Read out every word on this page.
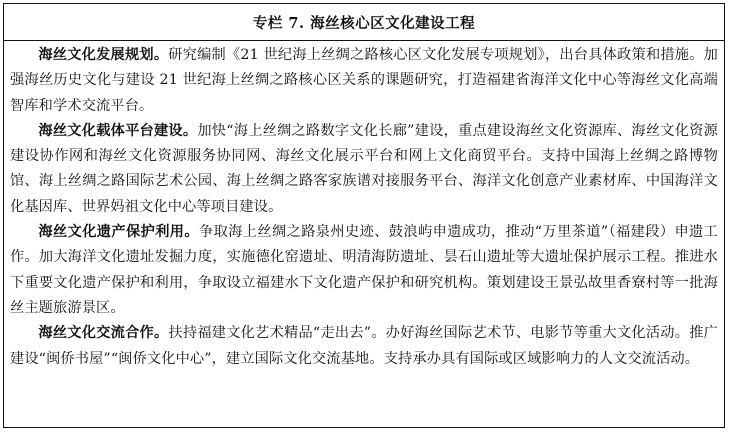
专栏 7. 海丝核心区文化建设工程

海丝文化发展规划。研究编制《21 世纪海上丝绸之路核心区文化发展专项规划》，出台具体政策和措施。加强海丝历史文化与建设 21 世纪海上丝绸之路核心区关系的课题研究，打造福建省海洋文化中心等海丝文化高端智库和学术交流平台。

海丝文化载体平台建设。加快“海上丝绸之路数字文化长廊”建设，重点建设海丝文化资源库、海丝文化资源建设协作网和海丝文化资源服务协同网、海丝文化展示平台和网上文化商贸平台。支持中国海上丝绸之路博物馆、海上丝绸之路国际艺术公园、海上丝绸之路客家族谱对接服务平台、海洋文化创意产业素材库、中国海洋文化基因库、世界妈祖文化中心等项目建设。

海丝文化遗产保护利用。争取海上丝绸之路泉州史迹、鼓浪屿申遗成功，推动“万里茶道”（福建段）申遗工作。加大海洋文化遗址发掘力度，实施德化窑遗址、明清海防遗址、昙石山遗址等大遗址保护展示工程。推进水下重要文化遗产保护和利用，争取设立福建水下文化遗产保护和研究机构。策划建设王景弘故里香寮村等一批海丝主题旅游景区。

海丝文化交流合作。扶持福建文化艺术精品“走出去”。办好海丝国际艺术节、电影节等重大文化活动。推广建设“闽侨书屋”“闽侨文化中心”，建立国际文化交流基地。支持承办具有国际或区域影响力的人文交流活动。
